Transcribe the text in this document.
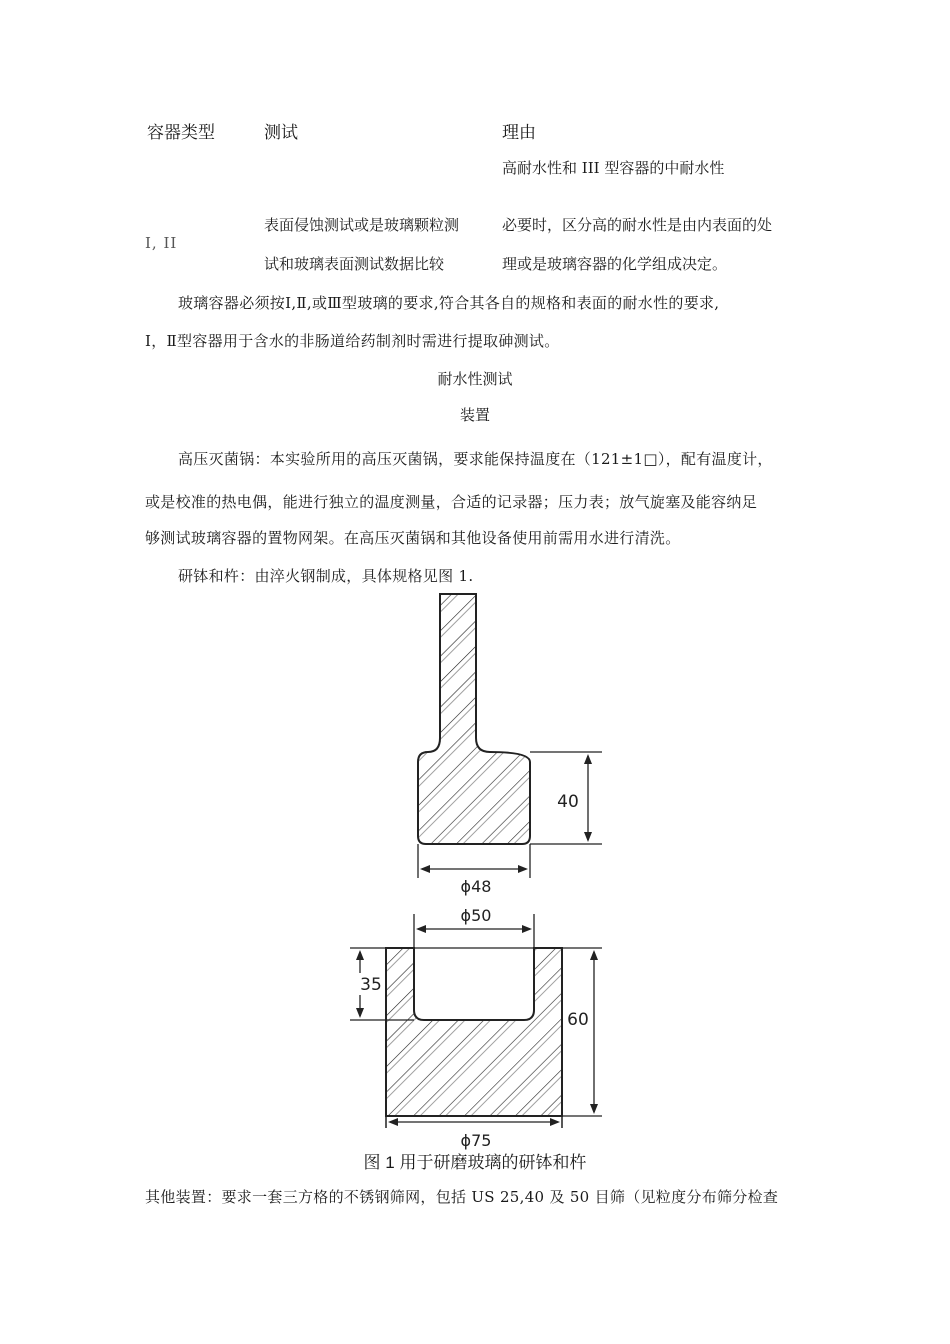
容器类型	测试	理由
高耐水性和 III 型容器的中耐水性
I, II
表面侵蚀测试或是玻璃颗粒测
试和玻璃表面测试数据比较
必要时，区分高的耐水性是由内表面的处
理或是玻璃容器的化学组成决定。
玻璃容器必须按Ⅰ,Ⅱ,或Ⅲ型玻璃的要求,符合其各自的规格和表面的耐水性的要求,
Ⅰ，Ⅱ型容器用于含水的非肠道给药制剂时需进行提取砷测试。
耐水性测试
装置
高压灭菌锅：本实验所用的高压灭菌锅，要求能保持温度在（121±1□），配有温度计，
或是校准的热电偶，能进行独立的温度测量，合适的记录器；压力表；放气旋塞及能容纳足
够测试玻璃容器的置物网架。在高压灭菌锅和其他设备使用前需用水进行清洗。
研钵和杵：由淬火钢制成，具体规格见图 1.
40
ϕ48
ϕ50
35
60
ϕ75
图 1 用于研磨玻璃的研钵和杵
其他装置：要求一套三方格的不锈钢筛网，包括 US 25,40 及 50 目筛（见粒度分布筛分检查
